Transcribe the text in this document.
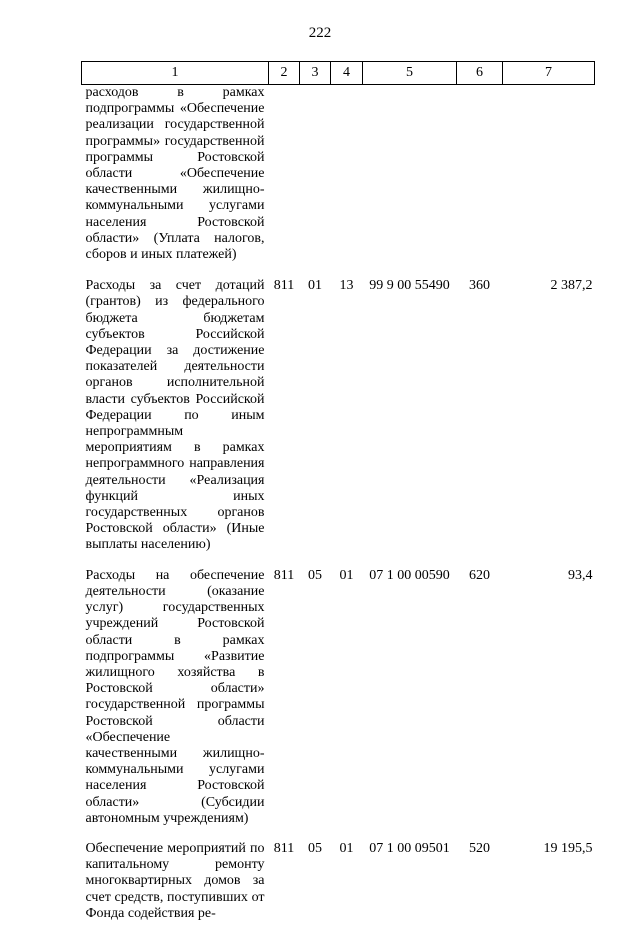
222
1	2	3	4	5	6	7
расходов в рамках подпрограммы «Обеспечение реализации государственной программы» государственной программы Ростовской области «Обеспечение качественными жилищно-коммунальными услугами населения Ростовской области» (Уплата налогов, сборов и иных платежей)						
Расходы за счет дотаций (грантов) из федерального бюджета бюджетам субъектов Российской Федерации за достижение показателей деятельности органов исполнительной власти субъектов Российской Федерации по иным непрограммным мероприятиям в рамках непрограммного направления деятельности «Реализация функций иных государственных органов Ростовской области» (Иные выплаты населению)	811	01	13	99 9 00 55490	360	2 387,2
Расходы на обеспечение деятельности (оказание услуг) государственных учреждений Ростовской области в рамках подпрограммы «Развитие жилищного хозяйства в Ростовской области» государственной программы Ростовской области «Обеспечение качественными жилищно-коммунальными услугами населения Ростовской области» (Субсидии автономным учреждениям)	811	05	01	07 1 00 00590	620	93,4
Обеспечение мероприятий по капитальному ремонту многоквартирных домов за счет средств, поступивших от Фонда содействия ре-	811	05	01	07 1 00 09501	520	19 195,5
